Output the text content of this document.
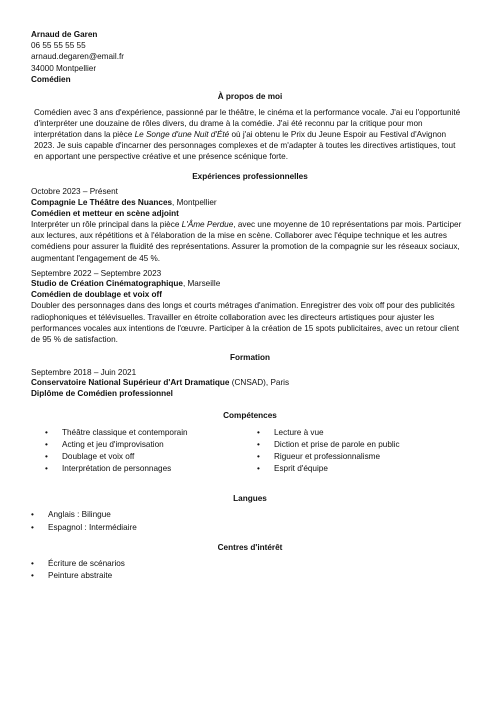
Arnaud de Garen
06 55 55 55 55
arnaud.degaren@email.fr
34000 Montpellier
Comédien
À propos de moi
Comédien avec 3 ans d'expérience, passionné par le théâtre, le cinéma et la performance vocale. J'ai eu l'opportunité d'interpréter une douzaine de rôles divers, du drame à la comédie. J'ai été reconnu par la critique pour mon interprétation dans la pièce Le Songe d'une Nuit d'Été où j'ai obtenu le Prix du Jeune Espoir au Festival d'Avignon 2023. Je suis capable d'incarner des personnages complexes et de m'adapter à toutes les directives artistiques, tout en apportant une perspective créative et une présence scénique forte.
Expériences professionnelles
Octobre 2023 – Présent
Compagnie Le Théâtre des Nuances, Montpellier
Comédien et metteur en scène adjoint
Interpréter un rôle principal dans la pièce L'Âme Perdue, avec une moyenne de 10 représentations par mois. Participer aux lectures, aux répétitions et à l'élaboration de la mise en scène. Collaborer avec l'équipe technique et les autres comédiens pour assurer la fluidité des représentations. Assurer la promotion de la compagnie sur les réseaux sociaux, augmentant l'engagement de 45 %.
Septembre 2022 – Septembre 2023
Studio de Création Cinématographique, Marseille
Comédien de doublage et voix off
Doubler des personnages dans des longs et courts métrages d'animation. Enregistrer des voix off pour des publicités radiophoniques et télévisuelles. Travailler en étroite collaboration avec les directeurs artistiques pour ajuster les performances vocales aux intentions de l'œuvre. Participer à la création de 15 spots publicitaires, avec un retour client de 95 % de satisfaction.
Formation
Septembre 2018 – Juin 2021
Conservatoire National Supérieur d'Art Dramatique (CNSAD), Paris
Diplôme de Comédien professionnel
Compétences
• Théâtre classique et contemporain
• Acting et jeu d'improvisation
• Doublage et voix off
• Interprétation de personnages
• Lecture à vue
• Diction et prise de parole en public
• Rigueur et professionnalisme
• Esprit d'équipe
Langues
• Anglais : Bilingue
• Espagnol : Intermédiaire
Centres d'intérêt
• Écriture de scénarios
• Peinture abstraite
